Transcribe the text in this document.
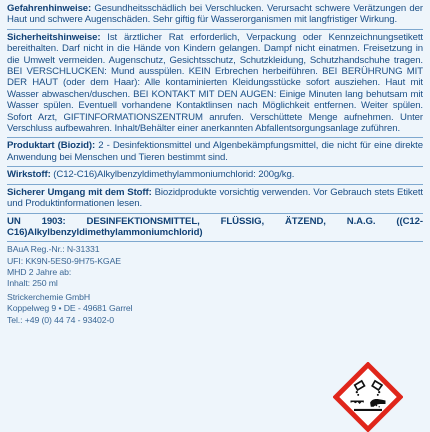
Gefahrenhinweise: Gesundheitsschädlich bei Verschlucken. Verursacht schwere Verätzungen der Haut und schwere Augenschäden. Sehr giftig für Wasserorganismen mit langfristiger Wirkung.

Sicherheitshinweise: Ist ärztlicher Rat erforderlich, Verpackung oder Kennzeichnungsetikett bereithalten. Darf nicht in die Hände von Kindern gelangen. Dampf nicht einatmen. Freisetzung in die Umwelt vermeiden. Augenschutz, Gesichtsschutz, Schutzkleidung, Schutzhandschuhe tragen. BEI VERSCHLUCKEN: Mund ausspülen. KEIN Erbrechen herbeiführen. BEI BERÜHRUNG MIT DER HAUT (oder dem Haar): Alle kontaminierten Kleidungsstücke sofort ausziehen. Haut mit Wasser abwaschen/duschen. BEI KONTAKT MIT DEN AUGEN: Einige Minuten lang behutsam mit Wasser spülen. Eventuell vorhandene Kontaktlinsen nach Möglichkeit entfernen. Weiter spülen. Sofort Arzt, GIFTINFORMATIONSZENTRUM anrufen. Verschüttete Menge aufnehmen. Unter Verschluss aufbewahren. Inhalt/Behälter einer anerkannten Abfallentsorgungsanlage zuführen.

Produktart (Biozid): 2 - Desinfektionsmittel und Algenbekämpfungsmittel, die nicht für eine direkte Anwendung bei Menschen und Tieren bestimmt sind.

Wirkstoff: (C12-C16)Alkylbenzyldimethylammoniumchlorid: 200g/kg.

Sicherer Umgang mit dem Stoff: Biozidprodukte vorsichtig verwenden. Vor Gebrauch stets Etikett und Produktinformationen lesen.

UN 1903: DESINFEKTIONSMITTEL, FLÜSSIG, ÄTZEND, N.A.G. ((C12-C16)Alkylbenzyldimethylammoniumchlorid)

BAuA Reg.-Nr.: N-31331
UFI: KK9N-5ES0-9H75-KGAE
MHD 2 Jahre ab:
Inhalt: 250 ml
Strickerchemie GmbH
Koppelweg 9 • DE - 49681 Garrel
Tel.: +49 (0) 44 74 - 93402-0
